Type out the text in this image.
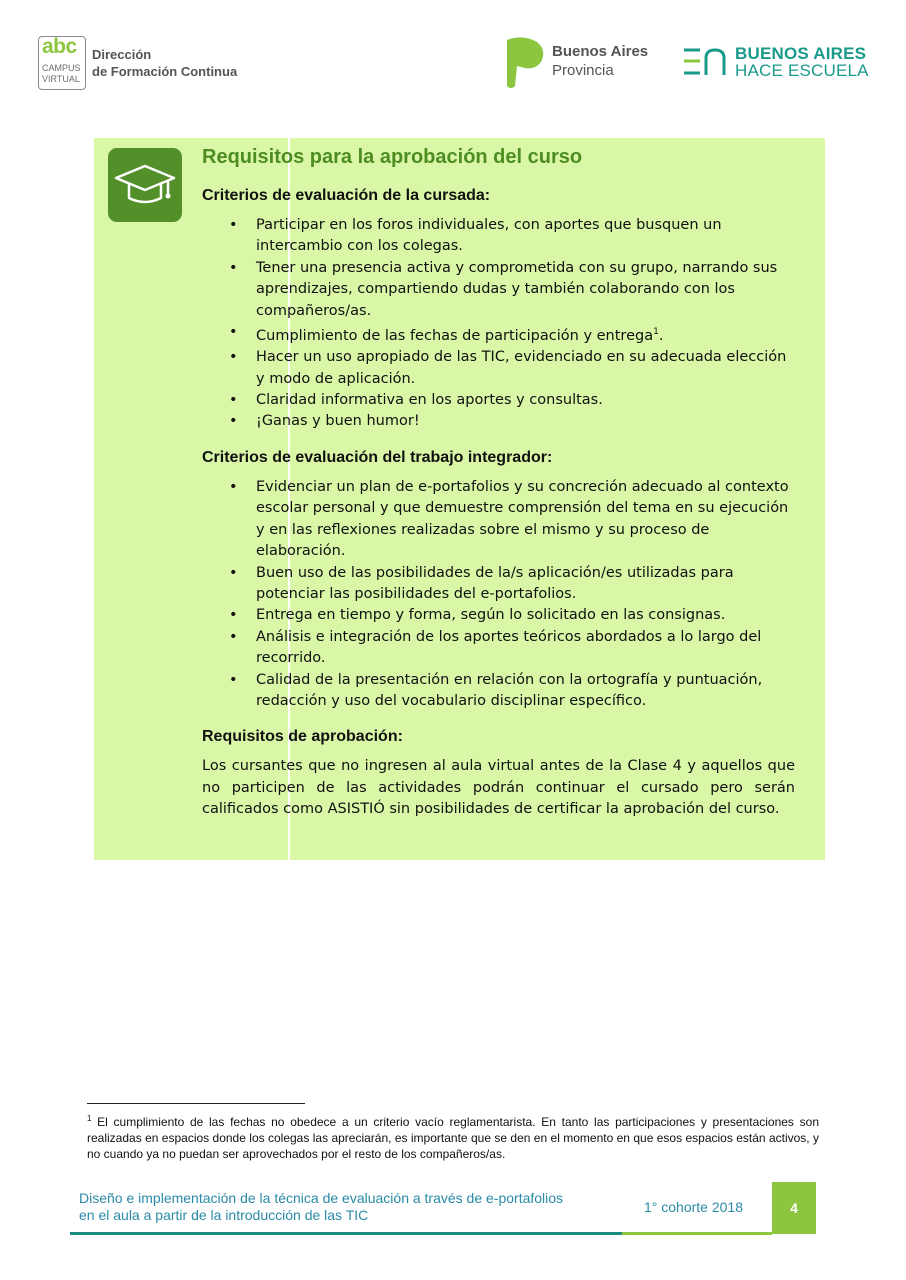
abc
CAMPUS
VIRTUAL
Dirección
de Formación Continua
Buenos Aires
Provincia
BUENOS AIRES
HACE ESCUELA
Requisitos para la aprobación del curso
Criterios de evaluación de la cursada:
• Participar en los foros individuales, con aportes que busquen un intercambio con los colegas.
• Tener una presencia activa y comprometida con su grupo, narrando sus aprendizajes, compartiendo dudas y también colaborando con los compañeros/as.
• Cumplimiento de las fechas de participación y entrega$^1$.
• Hacer un uso apropiado de las TIC, evidenciado en su adecuada elección y modo de aplicación.
• Claridad informativa en los aportes y consultas.
• ¡Ganas y buen humor!
Criterios de evaluación del trabajo integrador:
• Evidenciar un plan de e-portafolios y su concreción adecuado al contexto escolar personal y que demuestre comprensión del tema en su ejecución y en las reflexiones realizadas sobre el mismo y su proceso de elaboración.
• Buen uso de las posibilidades de la/s aplicación/es utilizadas para potenciar las posibilidades del e-portafolios.
• Entrega en tiempo y forma, según lo solicitado en las consignas.
• Análisis e integración de los aportes teóricos abordados a lo largo del recorrido.
• Calidad de la presentación en relación con la ortografía y puntuación, redacción y uso del vocabulario disciplinar específico.
Requisitos de aprobación:

Los cursantes que no ingresen al aula virtual antes de la Clase 4 y aquellos que no participen de las actividades podrán continuar el cursado pero serán calificados como ASISTIÓ sin posibilidades de certificar la aprobación del curso.

$^1$ El cumplimiento de las fechas no obedece a un criterio vacío reglamentarista. En tanto las participaciones y presentaciones son realizadas en espacios donde los colegas las apreciarán, es importante que se den en el momento en que esos espacios están activos, y no cuando ya no puedan ser aprovechados por el resto de los compañeros/as.
Diseño e implementación de la técnica de evaluación a través de e-portafolios
en el aula a partir de la introducción de las TIC	1° cohorte 2018	4
